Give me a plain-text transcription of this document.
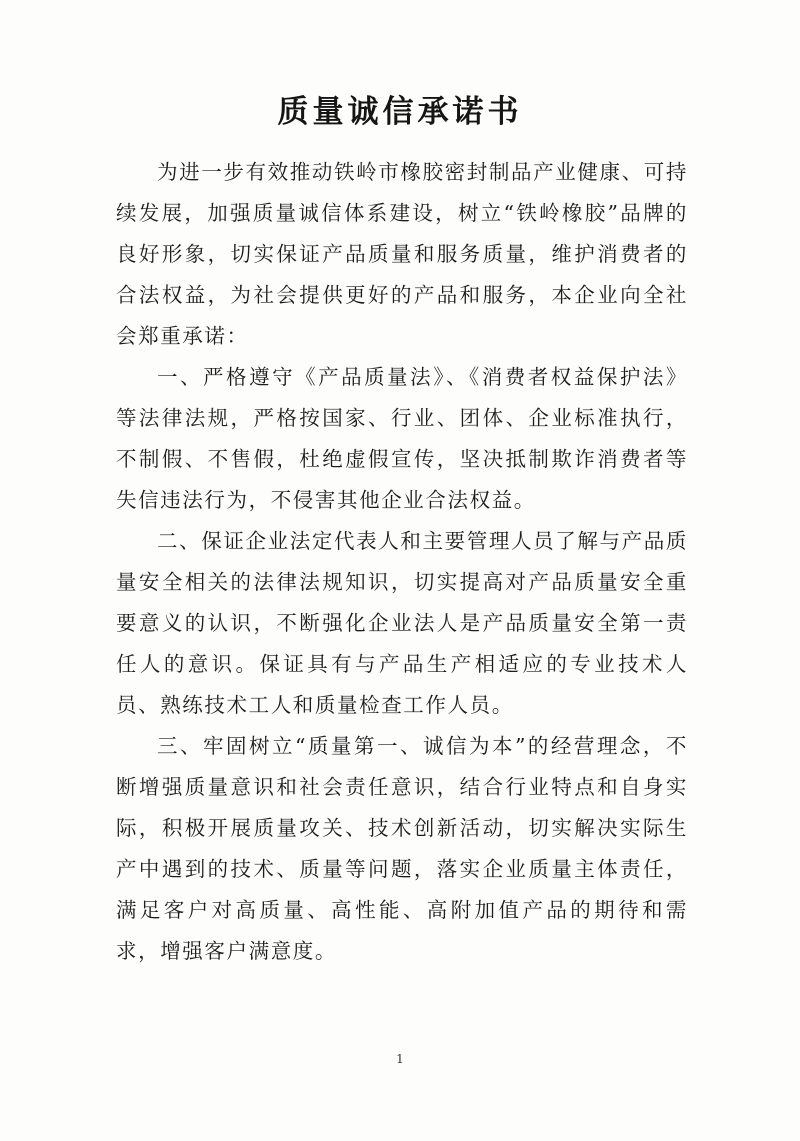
质量诚信承诺书

为进一步有效推动铁岭市橡胶密封制品产业健康、可持续发展，加强质量诚信体系建设，树立“铁岭橡胶”品牌的良好形象，切实保证产品质量和服务质量，维护消费者的合法权益，为社会提供更好的产品和服务，本企业向全社会郑重承诺：

一、严格遵守《产品质量法》、《消费者权益保护法》等法律法规，严格按国家、行业、团体、企业标准执行，不制假、不售假，杜绝虚假宣传，坚决抵制欺诈消费者等失信违法行为，不侵害其他企业合法权益。

二、保证企业法定代表人和主要管理人员了解与产品质量安全相关的法律法规知识，切实提高对产品质量安全重要意义的认识，不断强化企业法人是产品质量安全第一责任人的意识。保证具有与产品生产相适应的专业技术人员、熟练技术工人和质量检查工作人员。

三、牢固树立“质量第一、诚信为本”的经营理念，不断增强质量意识和社会责任意识，结合行业特点和自身实际，积极开展质量攻关、技术创新活动，切实解决实际生产中遇到的技术、质量等问题，落实企业质量主体责任，满足客户对高质量、高性能、高附加值产品的期待和需求，增强客户满意度。

1
